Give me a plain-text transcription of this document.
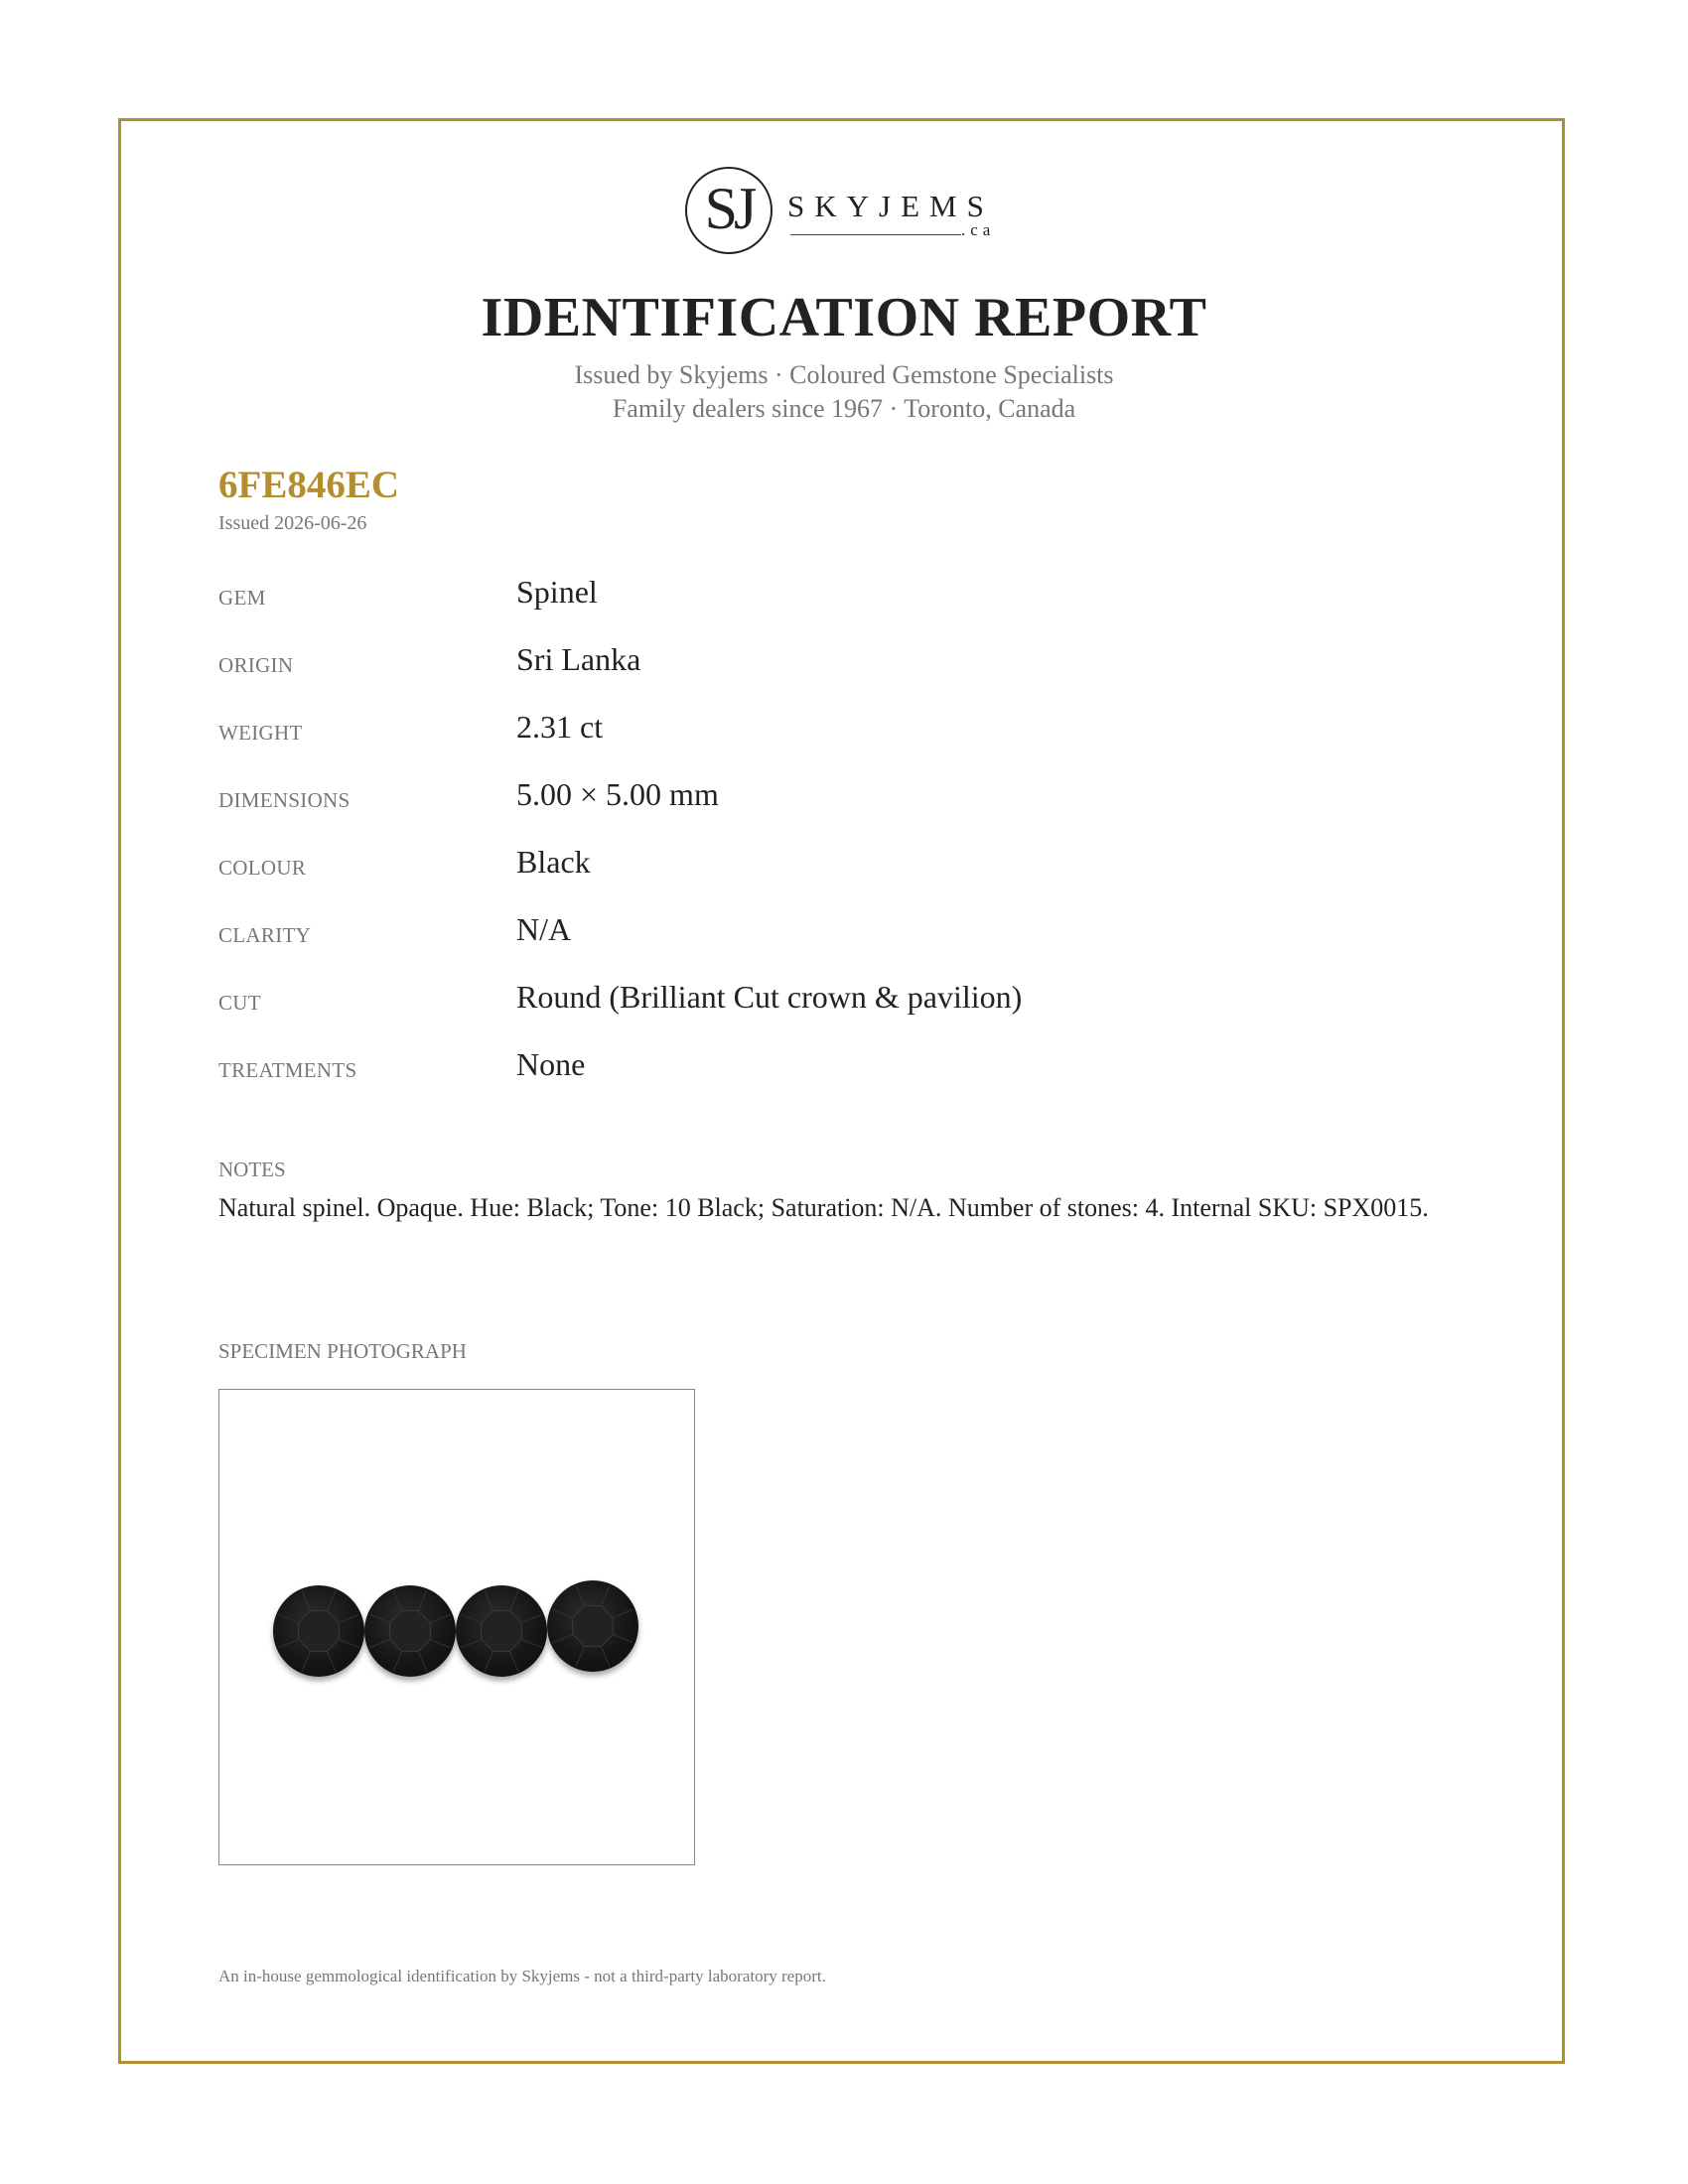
SJ	SKYJEMS
.ca
IDENTIFICATION REPORT
Issued by Skyjems · Coloured Gemstone Specialists
Family dealers since 1967 · Toronto, Canada
6FE846EC
Issued 2026-06-26
GEM	Spinel
ORIGIN	Sri Lanka
WEIGHT	2.31 ct
DIMENSIONS	5.00 × 5.00 mm
COLOUR	Black
CLARITY	N/A
CUT	Round (Brilliant Cut crown & pavilion)
TREATMENTS	None
NOTES
Natural spinel. Opaque. Hue: Black; Tone: 10 Black; Saturation: N/A. Number of stones: 4. Internal SKU: SPX0015.
SPECIMEN PHOTOGRAPH
An in-house gemmological identification by Skyjems - not a third-party laboratory report.
